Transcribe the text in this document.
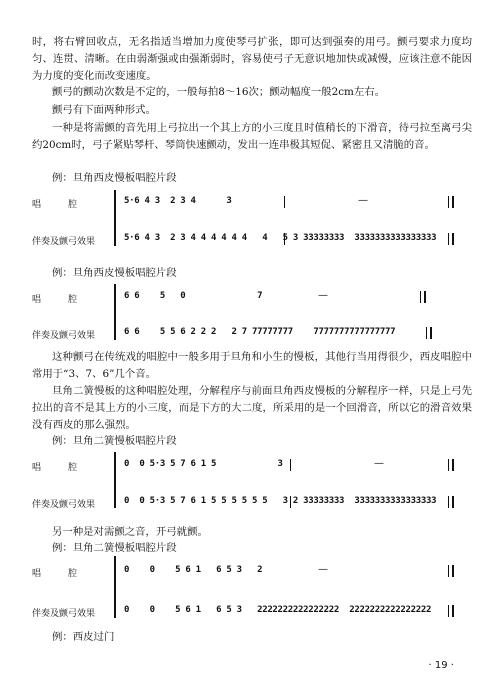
时，将右臂回收点，无名指适当增加力度使琴弓扩张，即可达到强奏的用弓。颤弓要求力度均匀、连贯、清晰。在由弱渐强或由强渐弱时，容易使弓子无意识地加快或减慢，应该注意不能因为力度的变化而改变速度。

颤弓的颤动次数是不定的，一般每拍8～16次；颤动幅度一般2cm左右。

颤弓有下面两种形式。

一种是将需颤的音先用上弓拉出一个其上方的小三度且时值稍长的下滑音，待弓拉至离弓尖约20cm时，弓子紧贴琴杆、琴筒快速颤动，发出一连串极其短促、紧密且又清脆的音。

例：旦角西皮慢板唱腔片段
唱　　　腔	5·6 4 3  2 3 4      3	—
伴奏及颤弓效果	5·6 4 3  2 3 4 4 4 4 4 4   4   5 3 33333333  3333333333333333
例：旦角西皮慢板唱腔片段
唱　　　腔	6 6    5   0              7	—
伴奏及颤弓效果	6 6    5 5 6 2 2 2   2 7 77777777    7777777777777777

这种颤弓在传统戏的唱腔中一般多用于旦角和小生的慢板，其他行当用得很少，西皮唱腔中常用于“3、7、6”几个音。

旦角二簧慢板的这种唱腔处理，分解程序与前面旦角西皮慢板的分解程序一样，只是上弓先拉出的音不是其上方的小三度，而是下方的大二度，所采用的是一个回滑音，所以它的滑音效果没有西皮的那么强烈。

例：旦角二簧慢板唱腔片段
唱　　　腔	0  0 5·3 5 7 6 1 5            3	—
伴奏及颤弓效果	0  0 5·3 5 7 6 1 5 5 5 5 5 5   3 2 33333333  3333333333333333

另一种是对需颤之音，开弓就颤。

例：旦角二簧慢板唱腔片段
唱　　　腔	0    0    5 6 1   6 5 3   2	—
伴奏及颤弓效果	0    0    5 6 1   6 5 3   2222222222222222  2222222222222222
例：西皮过门
· 19 ·
